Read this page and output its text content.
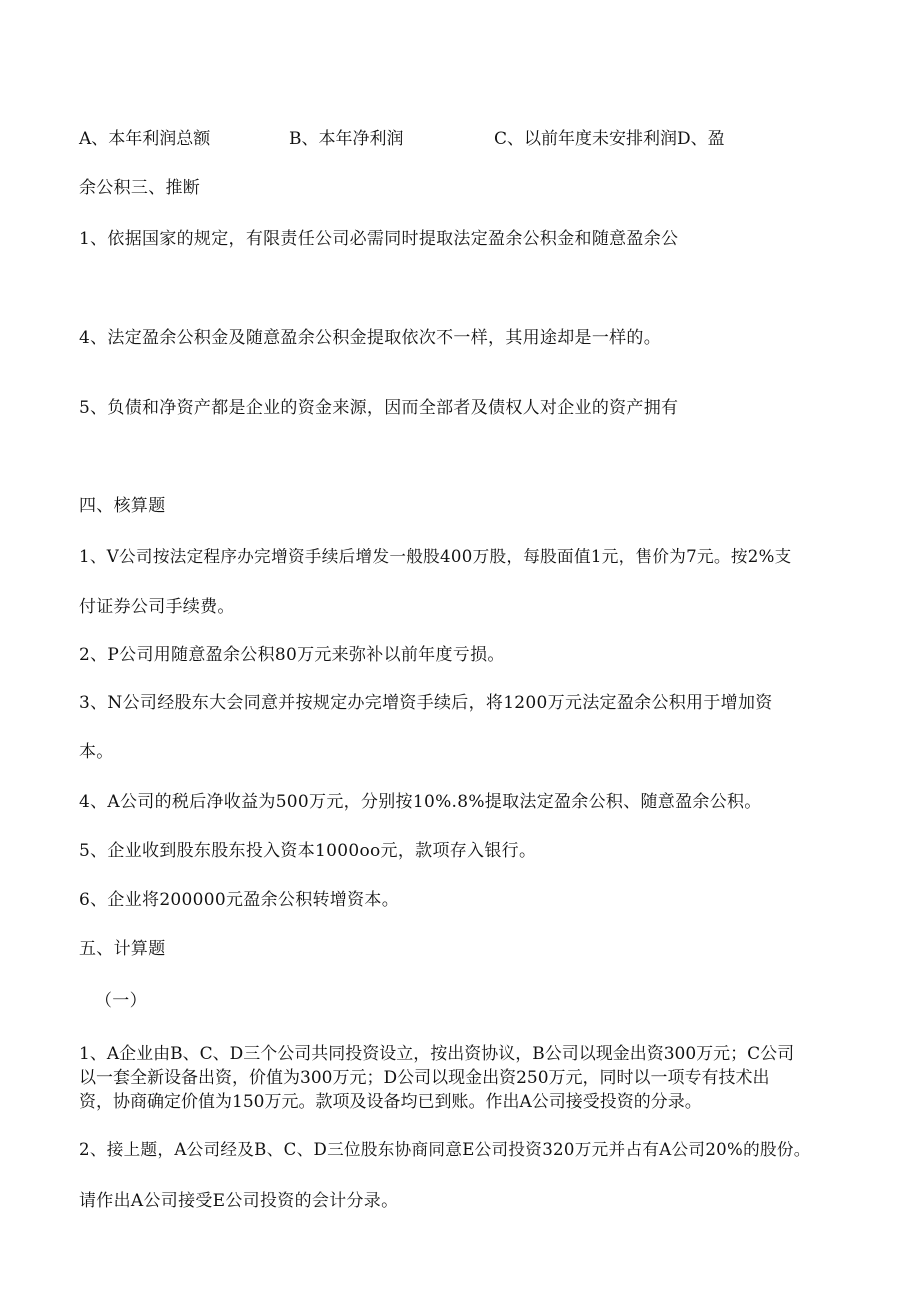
A、本年利润总额	B、本年净利润	C、以前年度未安排利润D、盈
余公积三、推断
1、依据国家的规定，有限责任公司必需同时提取法定盈余公积金和随意盈余公
4、法定盈余公积金及随意盈余公积金提取依次不一样，其用途却是一样的。
5、负债和净资产都是企业的资金来源，因而全部者及债权人对企业的资产拥有
四、核算题
1、V公司按法定程序办完增资手续后增发一般股400万股，每股面值1元，售价为7元。按2%支
付证券公司手续费。
2、P公司用随意盈余公积80万元来弥补以前年度亏损。
3、N公司经股东大会同意并按规定办完增资手续后，将1200万元法定盈余公积用于增加资
本。
4、A公司的税后净收益为500万元，分别按10%.8%提取法定盈余公积、随意盈余公积。
5、企业收到股东股东投入资本1000oo元，款项存入银行。
6、企业将200000元盈余公积转增资本。
五、计算题
（一）
1、A企业由B、C、D三个公司共同投资设立，按出资协议，B公司以现金出资300万元；C公司
以一套全新设备出资，价值为300万元；D公司以现金出资250万元，同时以一项专有技术出
资，协商确定价值为150万元。款项及设备均已到账。作出A公司接受投资的分录。
2、接上题，A公司经及B、C、D三位股东协商同意E公司投资320万元并占有A公司20%的股份。
请作出A公司接受E公司投资的会计分录。
